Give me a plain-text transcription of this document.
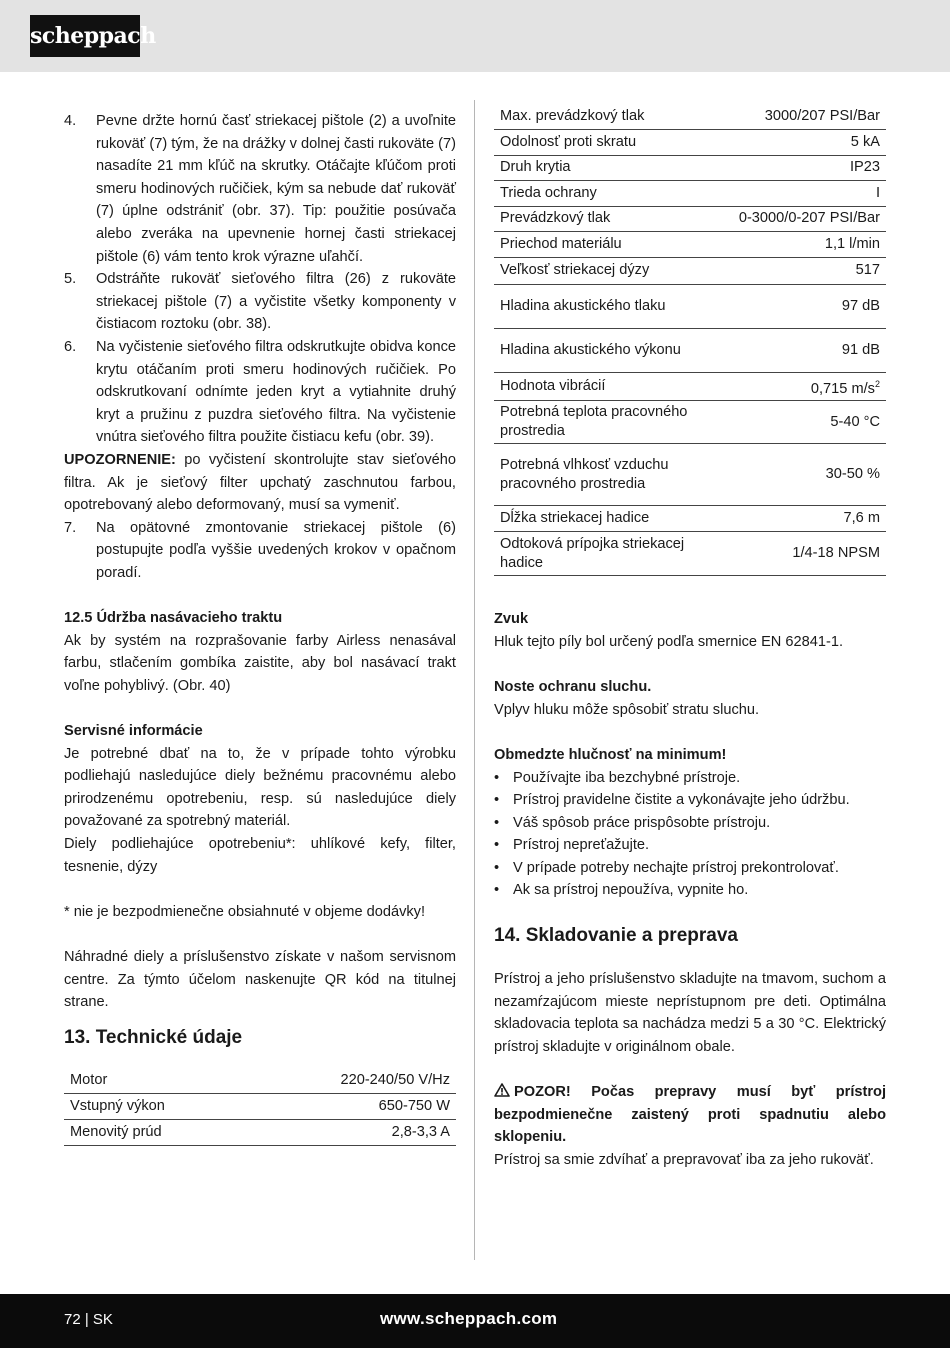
scheppach
4.	Pevne držte hornú časť striekacej pištole (2) a uvoľnite rukoväť (7) tým, že na drážky v dolnej časti rukoväte (7) nasadíte 21 mm kľúč na skrutky. Otáčajte kľúčom proti smeru hodinových ručičiek, kým sa nebude dať rukoväť (7) úplne odstrániť (obr. 37). Tip: použitie posúvača alebo zveráka na upevnenie hornej časti striekacej pištole (6) vám tento krok výrazne uľahčí.
5.	Odstráňte rukoväť sieťového filtra (26) z rukoväte striekacej pištole (7) a vyčistite všetky komponenty v čistiacom roztoku (obr. 38).
6.	Na vyčistenie sieťového filtra odskrutkujte obidva konce krytu otáčaním proti smeru hodinových ručičiek. Po odskrutkovaní odnímte jeden kryt a vytiahnite druhý kryt a pružinu z puzdra sieťového filtra. Na vyčistenie vnútra sieťového filtra použite čistiacu kefu (obr. 39).

UPOZORNENIE: po vyčistení skontrolujte stav sieťového filtra. Ak je sieťový filter upchatý zaschnutou farbou, opotrebovaný alebo deformovaný, musí sa vymeniť.

7.	Na opätovné zmontovanie striekacej pištole (6) postupujte podľa vyššie uvedených krokov v opačnom poradí.
12.5 Údržba nasávacieho traktu

Ak by systém na rozprašovanie farby Airless nenasával farbu, stlačením gombíka zaistite, aby bol nasávací trakt voľne pohyblivý. (Obr. 40)

Servisné informácie

Je potrebné dbať na to, že v prípade tohto výrobku podliehajú nasledujúce diely bežnému pracovnému alebo prirodzenému opotrebeniu, resp. sú nasledujúce diely považované za spotrebný materiál.

Diely podliehajúce opotrebeniu*: uhlíkové kefy, filter, tesnenie, dýzy

* nie je bezpodmienečne obsiahnuté v objeme dodávky!

Náhradné diely a príslušenstvo získate v našom servisnom centre. Za týmto účelom naskenujte QR kód na titulnej strane.

13. Technické údaje
Motor	220-240/50 V/Hz
Vstupný výkon	650-750 W
Menovitý prúd	2,8-3,3 A
Max. prevádzkový tlak	3000/207 PSI/Bar
Odolnosť proti skratu	5 kA
Druh krytia	IP23
Trieda ochrany	I
Prevádzkový tlak	0-3000/0-207 PSI/Bar
Priechod materiálu	1,1 l/min
Veľkosť striekacej dýzy	517
Hladina akustického tlaku	97 dB
Hladina akustického výkonu	91 dB
Hodnota vibrácií	0,715 $m/s^2$
Potrebná teplota pracovného prostredia	5-40 °C
Potrebná vlhkosť vzduchu pracovného prostredia	30-50 %
Dĺžka striekacej hadice	7,6 m
Odtoková prípojka striekacej hadice	1/4-18 NPSM
Zvuk

Hluk tejto píly bol určený podľa smernice EN 62841-1.

Noste ochranu sluchu.

Vplyv hluku môže spôsobiť stratu sluchu.

Obmedzte hlučnosť na minimum!
• Používajte iba bezchybné prístroje.
• Prístroj pravidelne čistite a vykonávajte jeho údržbu.
• Váš spôsob práce prispôsobte prístroju.
• Prístroj nepreťažujte.
• V prípade potreby nechajte prístroj prekontrolovať.
• Ak sa prístroj nepoužíva, vypnite ho.
14. Skladovanie a preprava

Prístroj a jeho príslušenstvo skladujte na tmavom, suchom a nezamŕzajúcom mieste neprístupnom pre deti. Optimálna skladovacia teplota sa nachádza medzi 5 a 30 °C. Elektrický prístroj skladujte v originálnom obale.

POZOR! Počas prepravy musí byť prístroj bezpodmienečne zaistený proti spadnutiu alebo sklopeniu.

Prístroj sa smie zdvíhať a prepravovať iba za jeho rukoväť.

72 | SK	www.scheppach.com
